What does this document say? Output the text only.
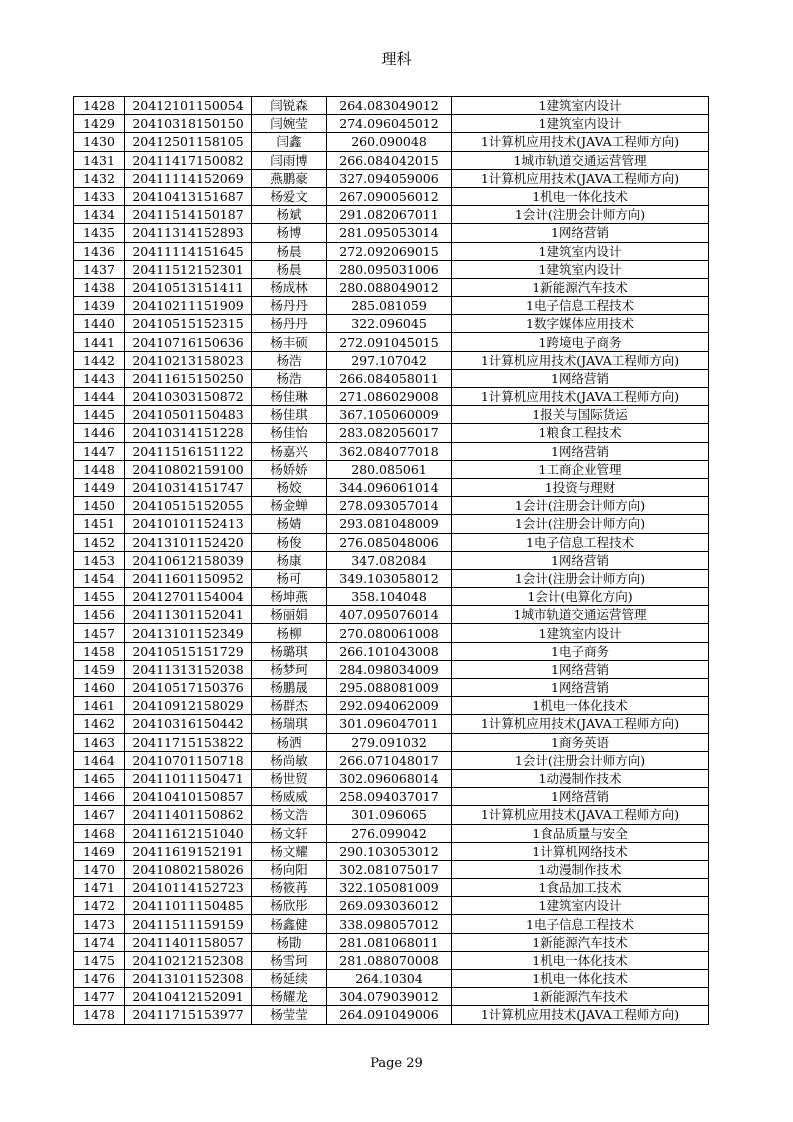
理科
1428	20412101150054	闫锐森	264.083049012	1建筑室内设计
1429	20410318150150	闫婉莹	274.096045012	1建筑室内设计
1430	20412501158105	闫鑫	260.090048	1计算机应用技术(JAVA工程师方向)
1431	20411417150082	闫雨博	266.084042015	1城市轨道交通运营管理
1432	20411114152069	燕鹏豪	327.094059006	1计算机应用技术(JAVA工程师方向)
1433	20410413151687	杨爱文	267.090056012	1机电一体化技术
1434	20411514150187	杨斌	291.082067011	1会计(注册会计师方向)
1435	20411314152893	杨博	281.095053014	1网络营销
1436	20411114151645	杨晨	272.092069015	1建筑室内设计
1437	20411512152301	杨晨	280.095031006	1建筑室内设计
1438	20410513151411	杨成林	280.088049012	1新能源汽车技术
1439	20410211151909	杨丹丹	285.081059	1电子信息工程技术
1440	20410515152315	杨丹丹	322.096045	1数字媒体应用技术
1441	20410716150636	杨丰硕	272.091045015	1跨境电子商务
1442	20410213158023	杨浩	297.107042	1计算机应用技术(JAVA工程师方向)
1443	20411615150250	杨浩	266.084058011	1网络营销
1444	20410303150872	杨佳琳	271.086029008	1计算机应用技术(JAVA工程师方向)
1445	20410501150483	杨佳琪	367.105060009	1报关与国际货运
1446	20410314151228	杨佳怡	283.082056017	1粮食工程技术
1447	20411516151122	杨嘉兴	362.084077018	1网络营销
1448	20410802159100	杨娇娇	280.085061	1工商企业管理
1449	20410314151747	杨姣	344.096061014	1投资与理财
1450	20410515152055	杨金蝉	278.093057014	1会计(注册会计师方向)
1451	20410101152413	杨婧	293.081048009	1会计(注册会计师方向)
1452	20413101152420	杨俊	276.085048006	1电子信息工程技术
1453	20410612158039	杨康	347.082084	1网络营销
1454	20411601150952	杨可	349.103058012	1会计(注册会计师方向)
1455	20412701154004	杨坤燕	358.104048	1会计(电算化方向)
1456	20411301152041	杨丽娟	407.095076014	1城市轨道交通运营管理
1457	20413101152349	杨柳	270.080061008	1建筑室内设计
1458	20410515151729	杨璐琪	266.101043008	1电子商务
1459	20411313152038	杨梦珂	284.098034009	1网络营销
1460	20410517150376	杨鹏晟	295.088081009	1网络营销
1461	20410912158029	杨群杰	292.094062009	1机电一体化技术
1462	20410316150442	杨瑞琪	301.096047011	1计算机应用技术(JAVA工程师方向)
1463	20411715153822	杨洒	279.091032	1商务英语
1464	20410701150718	杨尚敏	266.071048017	1会计(注册会计师方向)
1465	20411011150471	杨世贸	302.096068014	1动漫制作技术
1466	20410410150857	杨威威	258.094037017	1网络营销
1467	20411401150862	杨文浩	301.096065	1计算机应用技术(JAVA工程师方向)
1468	20411612151040	杨文轩	276.099042	1食品质量与安全
1469	20411619152191	杨文耀	290.103053012	1计算机网络技术
1470	20410802158026	杨向阳	302.081075017	1动漫制作技术
1471	20410114152723	杨筱苒	322.105081009	1食品加工技术
1472	20411011150485	杨欣彤	269.093036012	1建筑室内设计
1473	20411511159159	杨鑫健	338.098057012	1电子信息工程技术
1474	20411401158057	杨勖	281.081068011	1新能源汽车技术
1475	20410212152308	杨雪珂	281.088070008	1机电一体化技术
1476	20413101152308	杨延续	264.10304	1机电一体化技术
1477	20410412152091	杨耀龙	304.079039012	1新能源汽车技术
1478	20411715153977	杨莹莹	264.091049006	1计算机应用技术(JAVA工程师方向)
Page 29
